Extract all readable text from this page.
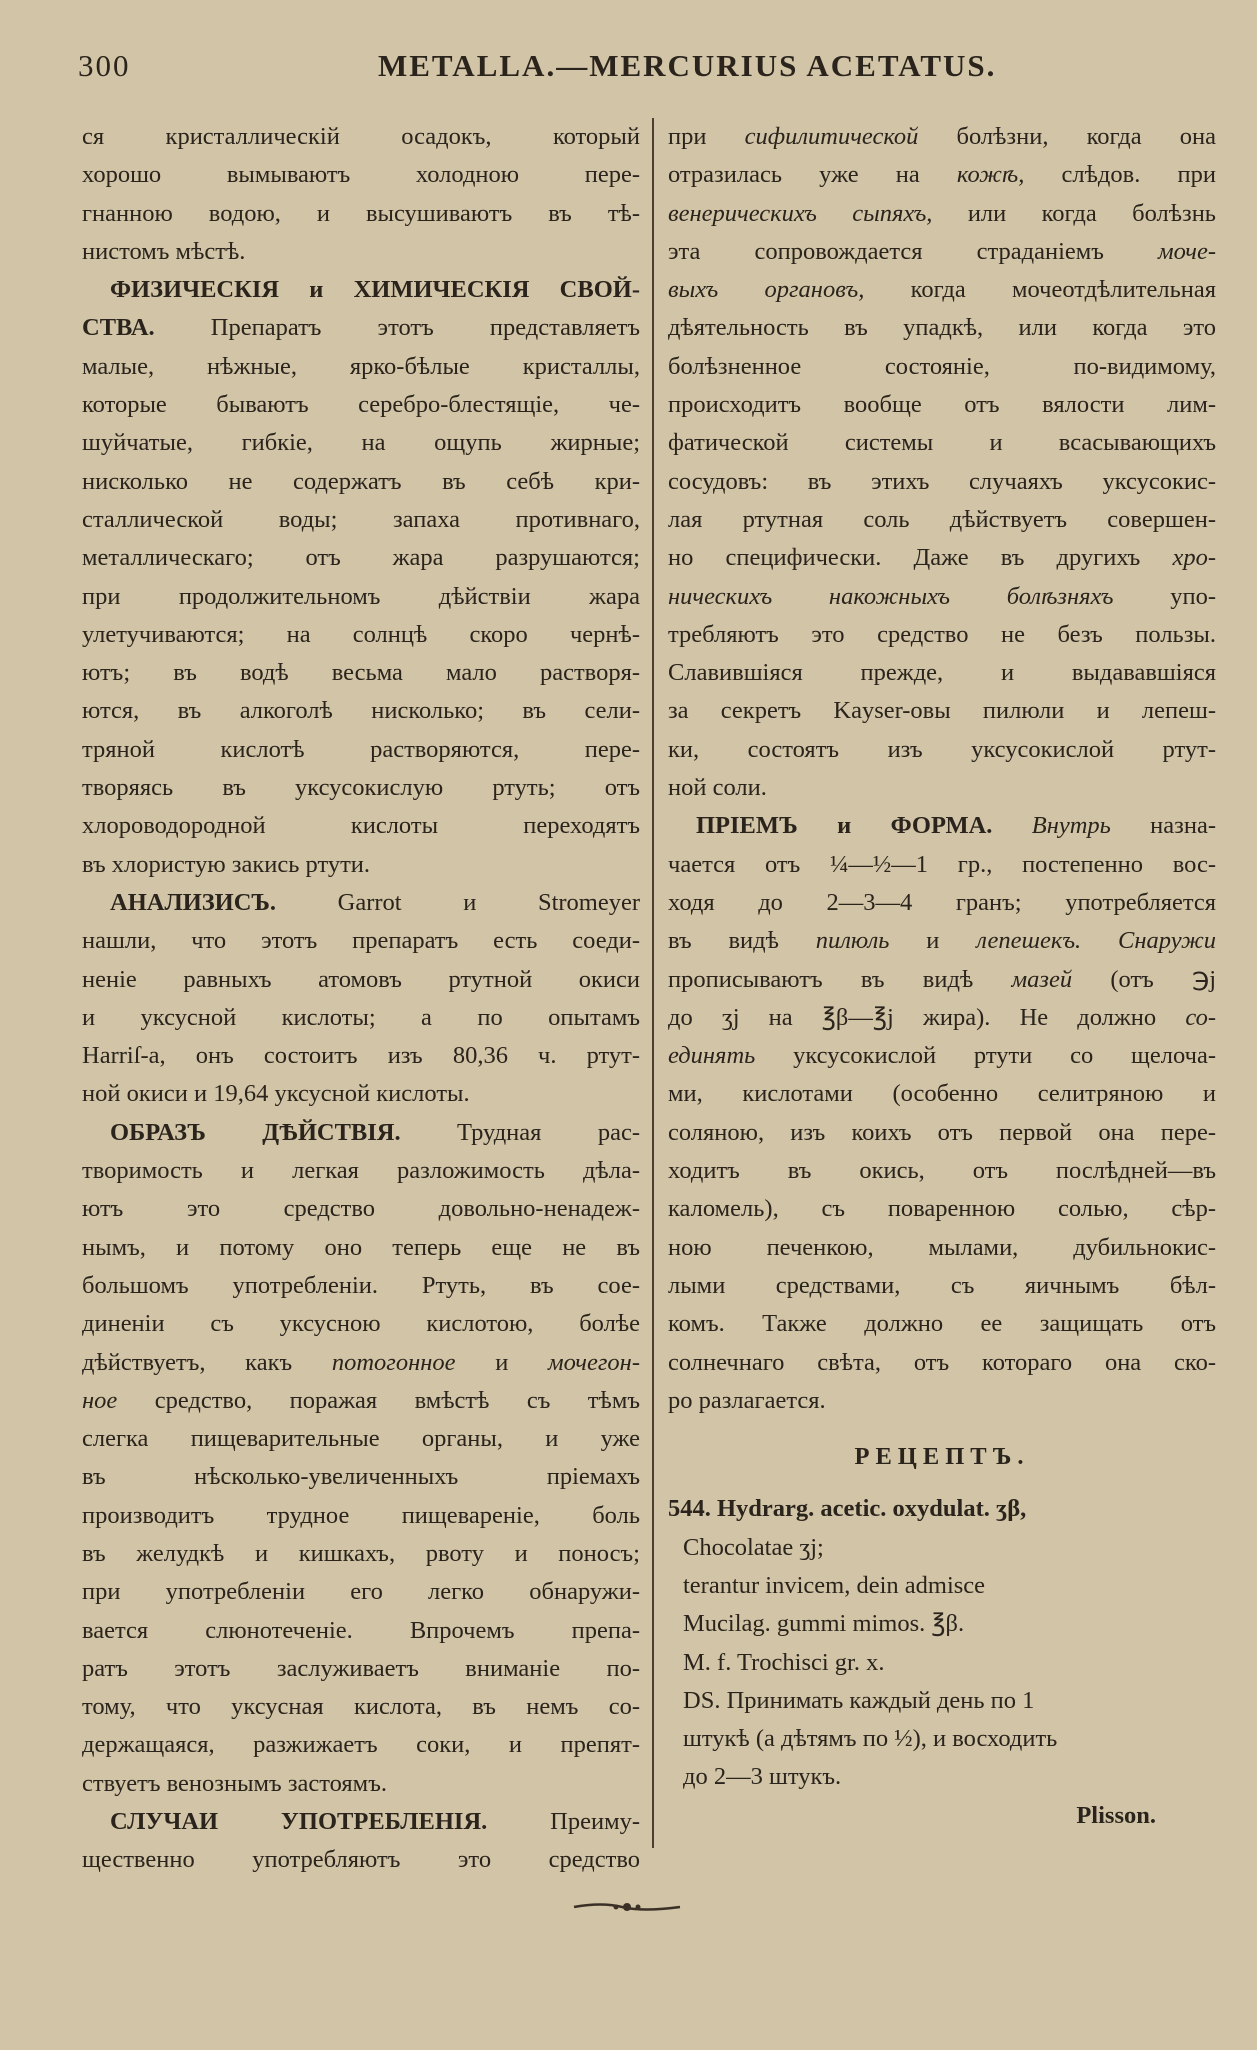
300	METALLA.—MERCURIUS ACETATUS.
ся кристаллическій осадокъ, который
хорошо вымываютъ холодною пере-
гнанною водою, и высушиваютъ въ тѣ-
нистомъ мѣстѣ.
ФИЗИЧЕСКІЯ и ХИМИЧЕСКІЯ СВОЙ-
СТВА. Препаратъ этотъ представляетъ
малые, нѣжные, ярко-бѣлые кристаллы,
которые бываютъ серебро-блестящіе, че-
шуйчатые, гибкіе, на ощупь жирные;
нисколько не содержатъ въ себѣ кри-
сталлической воды; запаха противнаго,
металлическаго; отъ жара разрушаются;
при продолжительномъ дѣйствіи жара
улетучиваются; на солнцѣ скоро чернѣ-
ютъ; въ водѣ весьма мало растворя-
ются, въ алкоголѣ нисколько; въ сели-
тряной кислотѣ растворяются, пере-
творяясь въ уксусокислую ртуть; отъ
хлороводородной кислоты переходятъ
въ хлористую закись ртути.
АНАЛИЗИСЪ. Garrot и Stromeyer
нашли, что этотъ препаратъ есть соеди-
неніе равныхъ атомовъ ртутной окиси
и уксусной кислоты; а по опытамъ
Harriſ-а, онъ состоитъ изъ 80,36 ч. ртут-
ной окиси и 19,64 уксусной кислоты.
ОБРАЗЪ ДѢЙСТВІЯ. Трудная рас-
творимость и легкая разложимость дѣла-
ютъ это средство довольно-ненадеж-
нымъ, и потому оно теперь еще не въ
большомъ употребленіи. Ртуть, въ сое-
диненіи съ уксусною кислотою, болѣе
дѣйствуетъ, какъ потогонное и мочегон-
ное средство, поражая вмѣстѣ съ тѣмъ
слегка пищеварительные органы, и уже
въ нѣсколько-увеличенныхъ пріемахъ
производитъ трудное пищевареніе, боль
въ желудкѣ и кишкахъ, рвоту и поносъ;
при употребленіи его легко обнаружи-
вается слюнотеченіе. Впрочемъ препа-
ратъ этотъ заслуживаетъ вниманіе по-
тому, что уксусная кислота, въ немъ со-
держащаяся, разжижаетъ соки, и препят-
ствуетъ венознымъ застоямъ.
СЛУЧАИ УПОТРЕБЛЕНІЯ. Преиму-
щественно употребляютъ это средство
при сифилитической болѣзни, когда она
отразилась уже на кожѣ, слѣдов. при
венерическихъ сыпяхъ, или когда болѣзнь
эта сопровождается страданіемъ моче-
выхъ органовъ, когда мочеотдѣлительная
дѣятельность въ упадкѣ, или когда это
болѣзненное состояніе, по-видимому,
происходитъ вообще отъ вялости лим-
фатической системы и всасывающихъ
сосудовъ: въ этихъ случаяхъ уксусокис-
лая ртутная соль дѣйствуетъ совершен-
но специфически. Даже въ другихъ хро-
ническихъ накожныхъ болѣзняхъ упо-
требляютъ это средство не безъ пользы.
Славившіяся прежде, и выдававшіяся
за секретъ Kayser-овы пилюли и лепеш-
ки, состоятъ изъ уксусокислой ртут-
ной соли.
ПРІЕМЪ и ФОРМА. Внутрь назна-
чается отъ ¼—½—1 гр., постепенно вос-
ходя до 2—3—4 гранъ; употребляется
въ видѣ пилюль и лепешекъ. Снаружи
прописываютъ въ видѣ мазей (отъ ℈j
до ʒj на ℥β—℥j жира). Не должно со-
единять уксусокислой ртути со щелоча-
ми, кислотами (особенно селитряною и
соляною, изъ коихъ отъ первой она пере-
ходитъ въ окись, отъ послѣдней—въ
каломель), съ поваренною солью, сѣр-
ною печенкою, мылами, дубильнокис-
лыми средствами, съ яичнымъ бѣл-
комъ. Также должно ее защищать отъ
солнечнаго свѣта, отъ котораго она ско-
ро разлагается.
РЕЦЕПТЪ.
544. Hydrarg. acetic. oxydulat. ʒβ,
Chocolatae ʒj;
terantur invicem, dein admisce
Mucilag. gummi mimos. ℥β.
M. f. Trochisci gr. x.
DS. Принимать каждый день по 1
штукѣ (а дѣтямъ по ½), и восходить
до 2—3 штукъ.
Plisson.
